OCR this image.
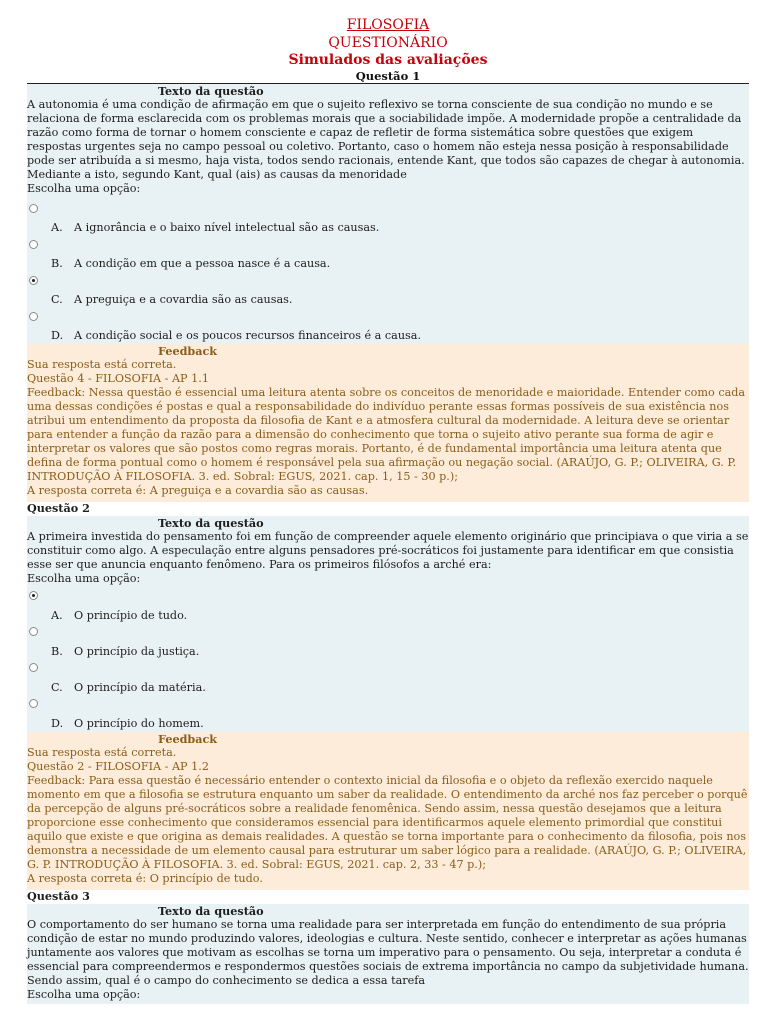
FILOSOFIA
QUESTIONÁRIO
Simulados das avaliações
Questão 1
Texto da questão
A autonomia é uma condição de afirmação em que o sujeito reflexivo se torna consciente de sua condição no mundo e se relaciona de forma esclarecida com os problemas morais que a sociabilidade impõe. A modernidade propõe a centralidade da razão como forma de tornar o homem consciente e capaz de refletir de forma sistemática sobre questões que exigem respostas urgentes seja no campo pessoal ou coletivo. Portanto, caso o homem não esteja nessa posição à responsabilidade pode ser atribuída a si mesmo, haja vista, todos sendo racionais, entende Kant, que todos são capazes de chegar à autonomia. Mediante a isto, segundo Kant, qual (ais) as causas da menoridade
Escolha uma opção:
A. A ignorância e o baixo nível intelectual são as causas.
B. A condição em que a pessoa nasce é a causa.
C. A preguiça e a covardia são as causas.
D. A condição social e os poucos recursos financeiros é a causa.
Feedback
Sua resposta está correta.
Questão 4 - FILOSOFIA - AP 1.1
Feedback: Nessa questão é essencial uma leitura atenta sobre os conceitos de menoridade e maioridade. Entender como cada uma dessas condições é postas e qual a responsabilidade do indivíduo perante essas formas possíveis de sua existência nos atribui um entendimento da proposta da filosofia de Kant e a atmosfera cultural da modernidade. A leitura deve se orientar para entender a função da razão para a dimensão do conhecimento que torna o sujeito ativo perante sua forma de agir e interpretar os valores que são postos como regras morais. Portanto, é de fundamental importância uma leitura atenta que defina de forma pontual como o homem é responsável pela sua afirmação ou negação social. (ARAÚJO, G. P.; OLIVEIRA, G. P. INTRODUÇÃO À FILOSOFIA. 3. ed. Sobral: EGUS, 2021. cap. 1, 15 - 30 p.);
A resposta correta é: A preguiça e a covardia são as causas.
Questão 2
Texto da questão
A primeira investida do pensamento foi em função de compreender aquele elemento originário que principiava o que viria a se constituir como algo. A especulação entre alguns pensadores pré-socráticos foi justamente para identificar em que consistia esse ser que anuncia enquanto fenômeno. Para os primeiros filósofos a arché era:
Escolha uma opção:
A. O princípio de tudo.
B. O princípio da justiça.
C. O princípio da matéria.
D. O princípio do homem.
Feedback
Sua resposta está correta.
Questão 2 - FILOSOFIA - AP 1.2
Feedback: Para essa questão é necessário entender o contexto inicial da filosofia e o objeto da reflexão exercido naquele momento em que a filosofia se estrutura enquanto um saber da realidade. O entendimento da arché nos faz perceber o porquê da percepção de alguns pré-socráticos sobre a realidade fenomênica. Sendo assim, nessa questão desejamos que a leitura proporcione esse conhecimento que consideramos essencial para identificarmos aquele elemento primordial que constitui aquilo que existe e que origina as demais realidades. A questão se torna importante para o conhecimento da filosofia, pois nos demonstra a necessidade de um elemento causal para estruturar um saber lógico para a realidade. (ARAÚJO, G. P.; OLIVEIRA, G. P. INTRODUÇÃO À FILOSOFIA. 3. ed. Sobral: EGUS, 2021. cap. 2, 33 - 47 p.);
A resposta correta é: O princípio de tudo.
Questão 3
Texto da questão
O comportamento do ser humano se torna uma realidade para ser interpretada em função do entendimento de sua própria condição de estar no mundo produzindo valores, ideologias e cultura. Neste sentido, conhecer e interpretar as ações humanas juntamente aos valores que motivam as escolhas se torna um imperativo para o pensamento. Ou seja, interpretar a conduta é essencial para compreendermos e respondermos questões sociais de extrema importância no campo da subjetividade humana. Sendo assim, qual é o campo do conhecimento se dedica a essa tarefa
Escolha uma opção:
